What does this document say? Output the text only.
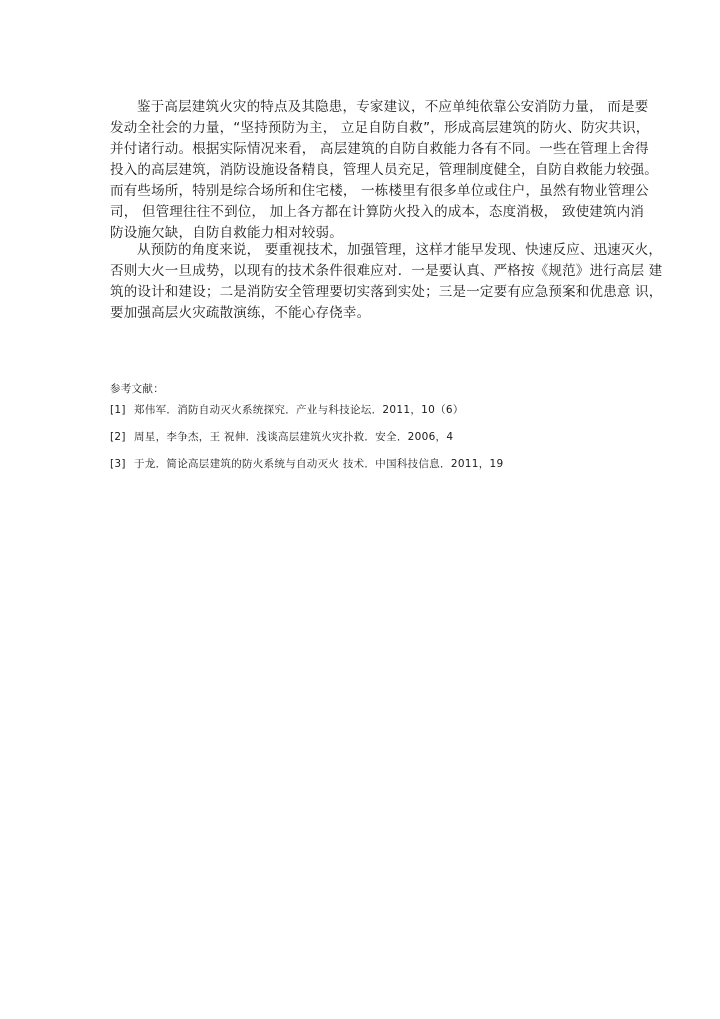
鉴于高层建筑火灾的特点及其隐患，专家建议，不应单纯依靠公安消防力量， 而是要
发动全社会的力量，“坚持预防为主， 立足自防自救”，形成高层建筑的防火、防灾共识，
并付诸行动。根据实际情况来看， 高层建筑的自防自救能力各有不同。一些在管理上舍得
投入的高层建筑，消防设施设备精良，管理人员充足，管理制度健全，自防自救能力较强。
而有些场所，特别是综合场所和住宅楼， 一栋楼里有很多单位或住户，虽然有物业管理公
司， 但管理往往不到位， 加上各方都在计算防火投入的成本，态度消极， 致使建筑内消
防设施欠缺，自防自救能力相对较弱。

从预防的角度来说， 要重视技术，加强管理，这样才能早发现、快速反应、迅速灭火，
否则大火一旦成势，以现有的技术条件很难应对．一是要认真、严格按《规范》进行高层 建
筑的设计和建设；二是消防安全管理要切实落到实处；三是一定要有应急预案和优患意 识，
要加强高层火灾疏散演练，不能心存侥幸。

参考文献：

[1] 郑伟军．消防自动灭火系统探究．产业与科技论坛．2011，10（6）
[2] 周星，李争杰，王 祝伸．浅谈高层建筑火灾扑救．安全．2006，4
[3] 于龙．简论高层建筑的防火系统与自动灭火 技术．中国科技信息．2011，19
